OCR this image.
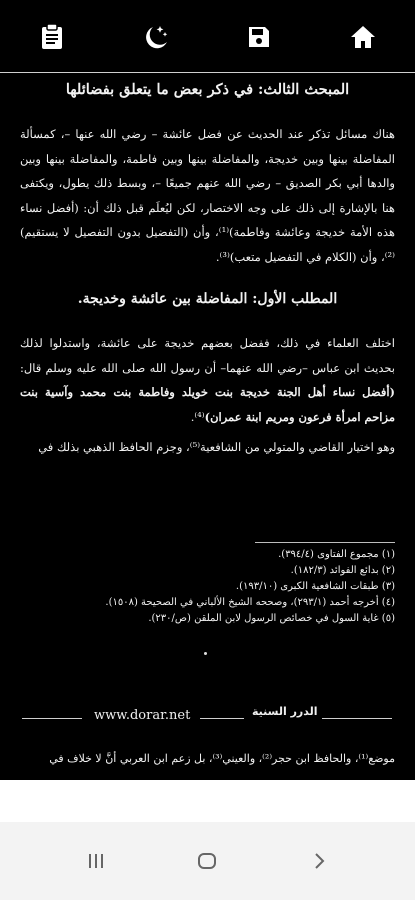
المبحث الثالث: في ذكر بعض ما يتعلق بفضائلها

هناك مسائل تذكر عند الحديث عن فضل عائشة – رضي الله عنها –، كمسألة المفاضلة بينها وبين خديجة، والمفاضلة بينها وبين فاطمة، والمفاضلة بينها وبين والدها أبي بكر الصديق – رضي الله عنهم جميعًا –، وبسط ذلك يطول، ويكتفى هنا بالإشارة إلى ذلك على وجه الاختصار، لكن ليُعلَم قبل ذلك أن: (أفضل نساء هذه الأمة خديجة وعائشة وفاطمة)⁽¹⁾، وأن (التفضيل بدون التفصيل لا يستقيم)⁽²⁾، وأن (الكلام في التفضيل متعب)⁽³⁾.

المطلب الأول: المفاضلة بين عائشة وخديجة.

اختلف العلماء في ذلك، ففضل بعضهم خديجة على عائشة، واستدلوا لذلك بحديث ابن عباس –رضي الله عنهما– أن رسول الله صلى الله عليه وسلم قال: (أفضل نساء أهل الجنة خديجة بنت خويلد وفاطمة بنت محمد وآسية بنت مزاحم امرأة فرعون ومريم ابنة عمران)⁽⁴⁾.

وهو اختيار القاضي والمتولي من الشافعية⁽⁵⁾، وجزم الحافظ الذهبي بذلك في

(١) مجموع الفتاوى (٣٩٤/٤).
(٢) بدائع الفوائد (١٨٢/٣).
(٣) طبقات الشافعية الكبرى (١٩٣/١٠).
(٤) أخرجه أحمد (٢٩٣/١)، وصححه الشيخ الألباني في الصحيحة (١٥٠٨).
(٥) غاية السول في خصائص الرسول لابن الملقن (ص/٢٣٠).
www.dorar.net	الدرر السنية
موضع⁽¹⁾، والحافظ ابن حجر⁽²⁾، والعيني⁽³⁾، بل زعم ابن العربي أنَّ لا خلاف في
